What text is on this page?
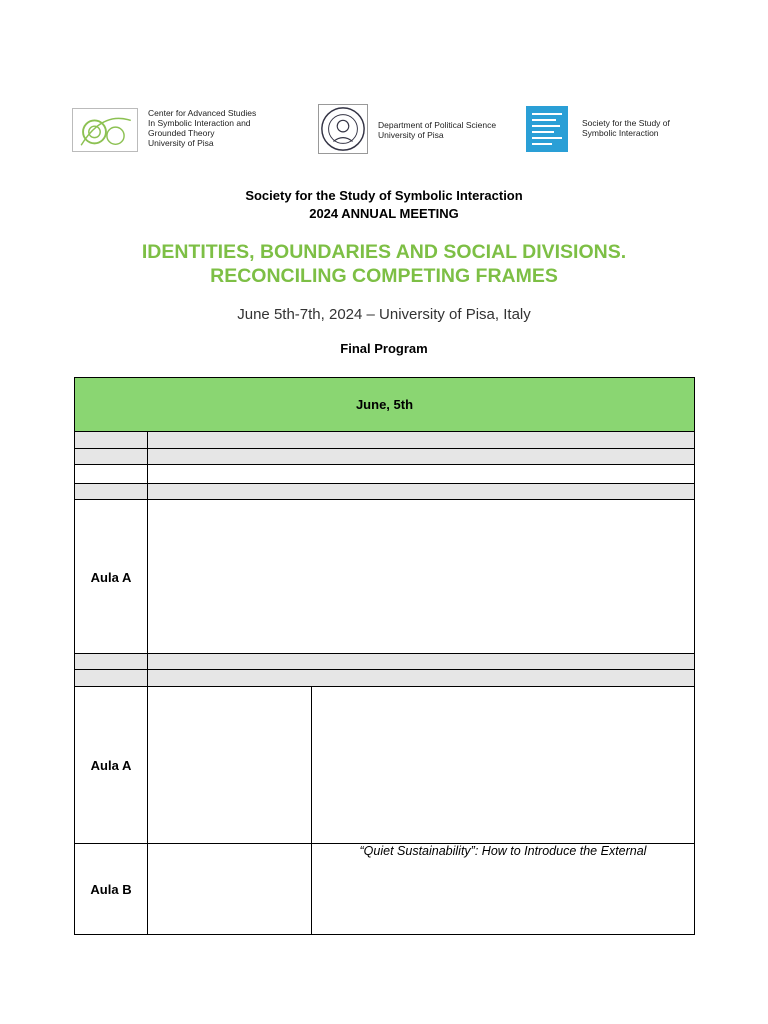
Center for Advanced Studies
In Symbolic Interaction and
Grounded Theory
University of Pisa
Department of Political Science
University of Pisa
Society for the Study of
Symbolic Interaction
Society for the Study of Symbolic Interaction
2024 ANNUAL MEETING
IDENTITIES, BOUNDARIES AND SOCIAL DIVISIONS.
RECONCILING COMPETING FRAMES
June 5th-7th, 2024 – University of Pisa, Italy
Final Program
June, 5th
Aula A
Aula A
Aula B
“Quiet Sustainability”: How to Introduce the External
